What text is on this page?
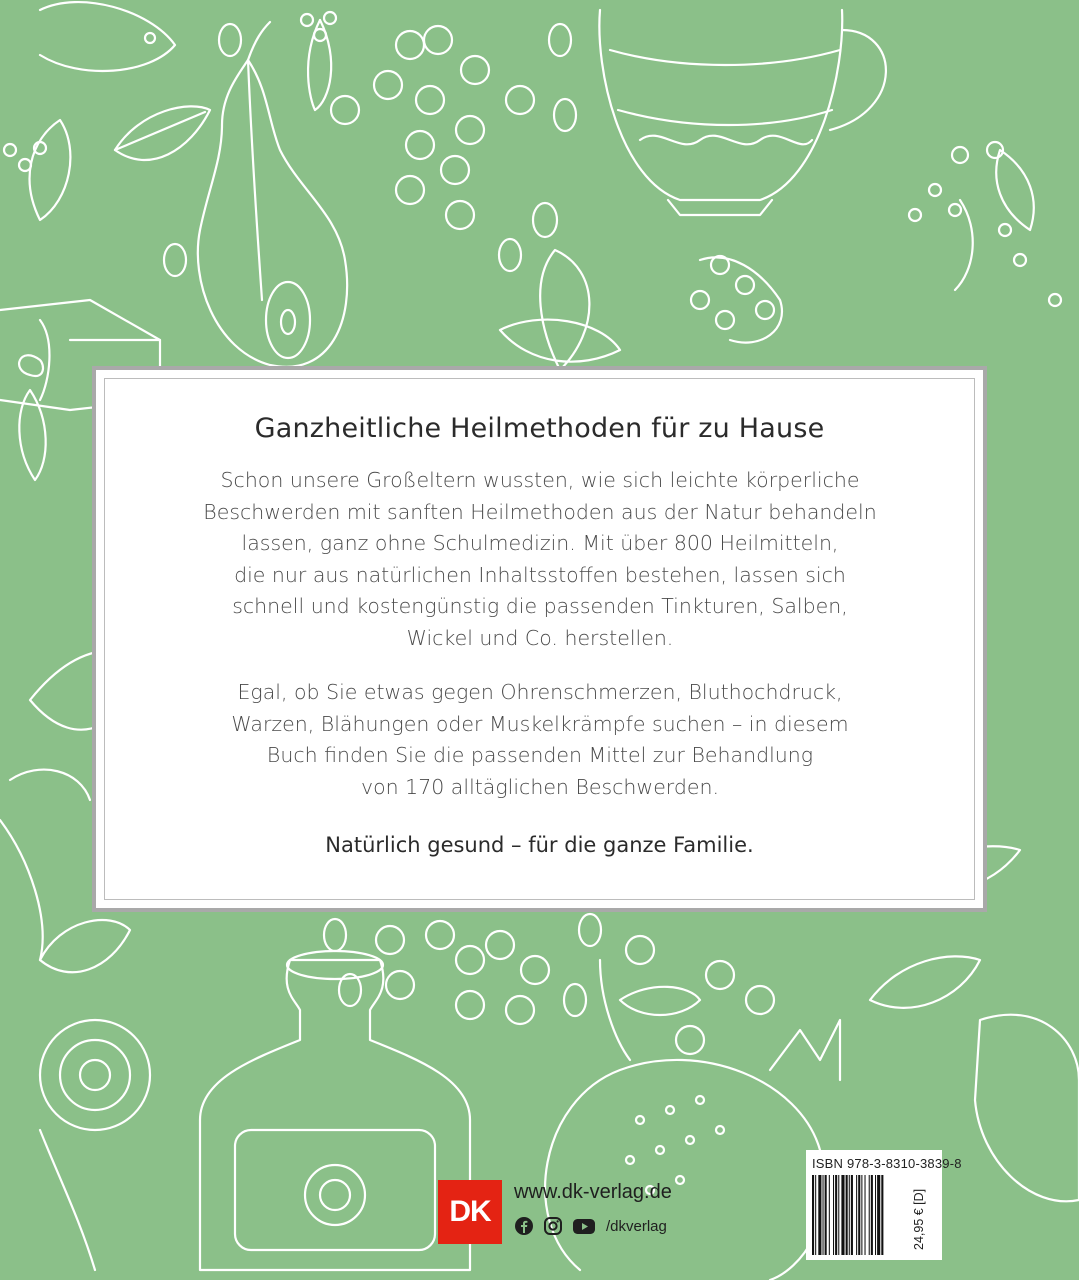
Ganzheitliche Heilmethoden für zu Hause

Schon unsere Großeltern wussten, wie sich leichte körperliche
Beschwerden mit sanften Heilmethoden aus der Natur behandeln
lassen, ganz ohne Schulmedizin. Mit über 800 Heilmitteln,
die nur aus natürlichen Inhaltsstoffen bestehen, lassen sich
schnell und kostengünstig die passenden Tinkturen, Salben,
Wickel und Co. herstellen.

Egal, ob Sie etwas gegen Ohrenschmerzen, Bluthochdruck,
Warzen, Blähungen oder Muskelkrämpfe suchen – in diesem
Buch finden Sie die passenden Mittel zur Behandlung
von 170 alltäglichen Beschwerden.

Natürlich gesund – für die ganze Familie.

DK
www.dk-verlag.de
/dkverlag
ISBN 978-3-8310-3839-8
24,95 € [D]
